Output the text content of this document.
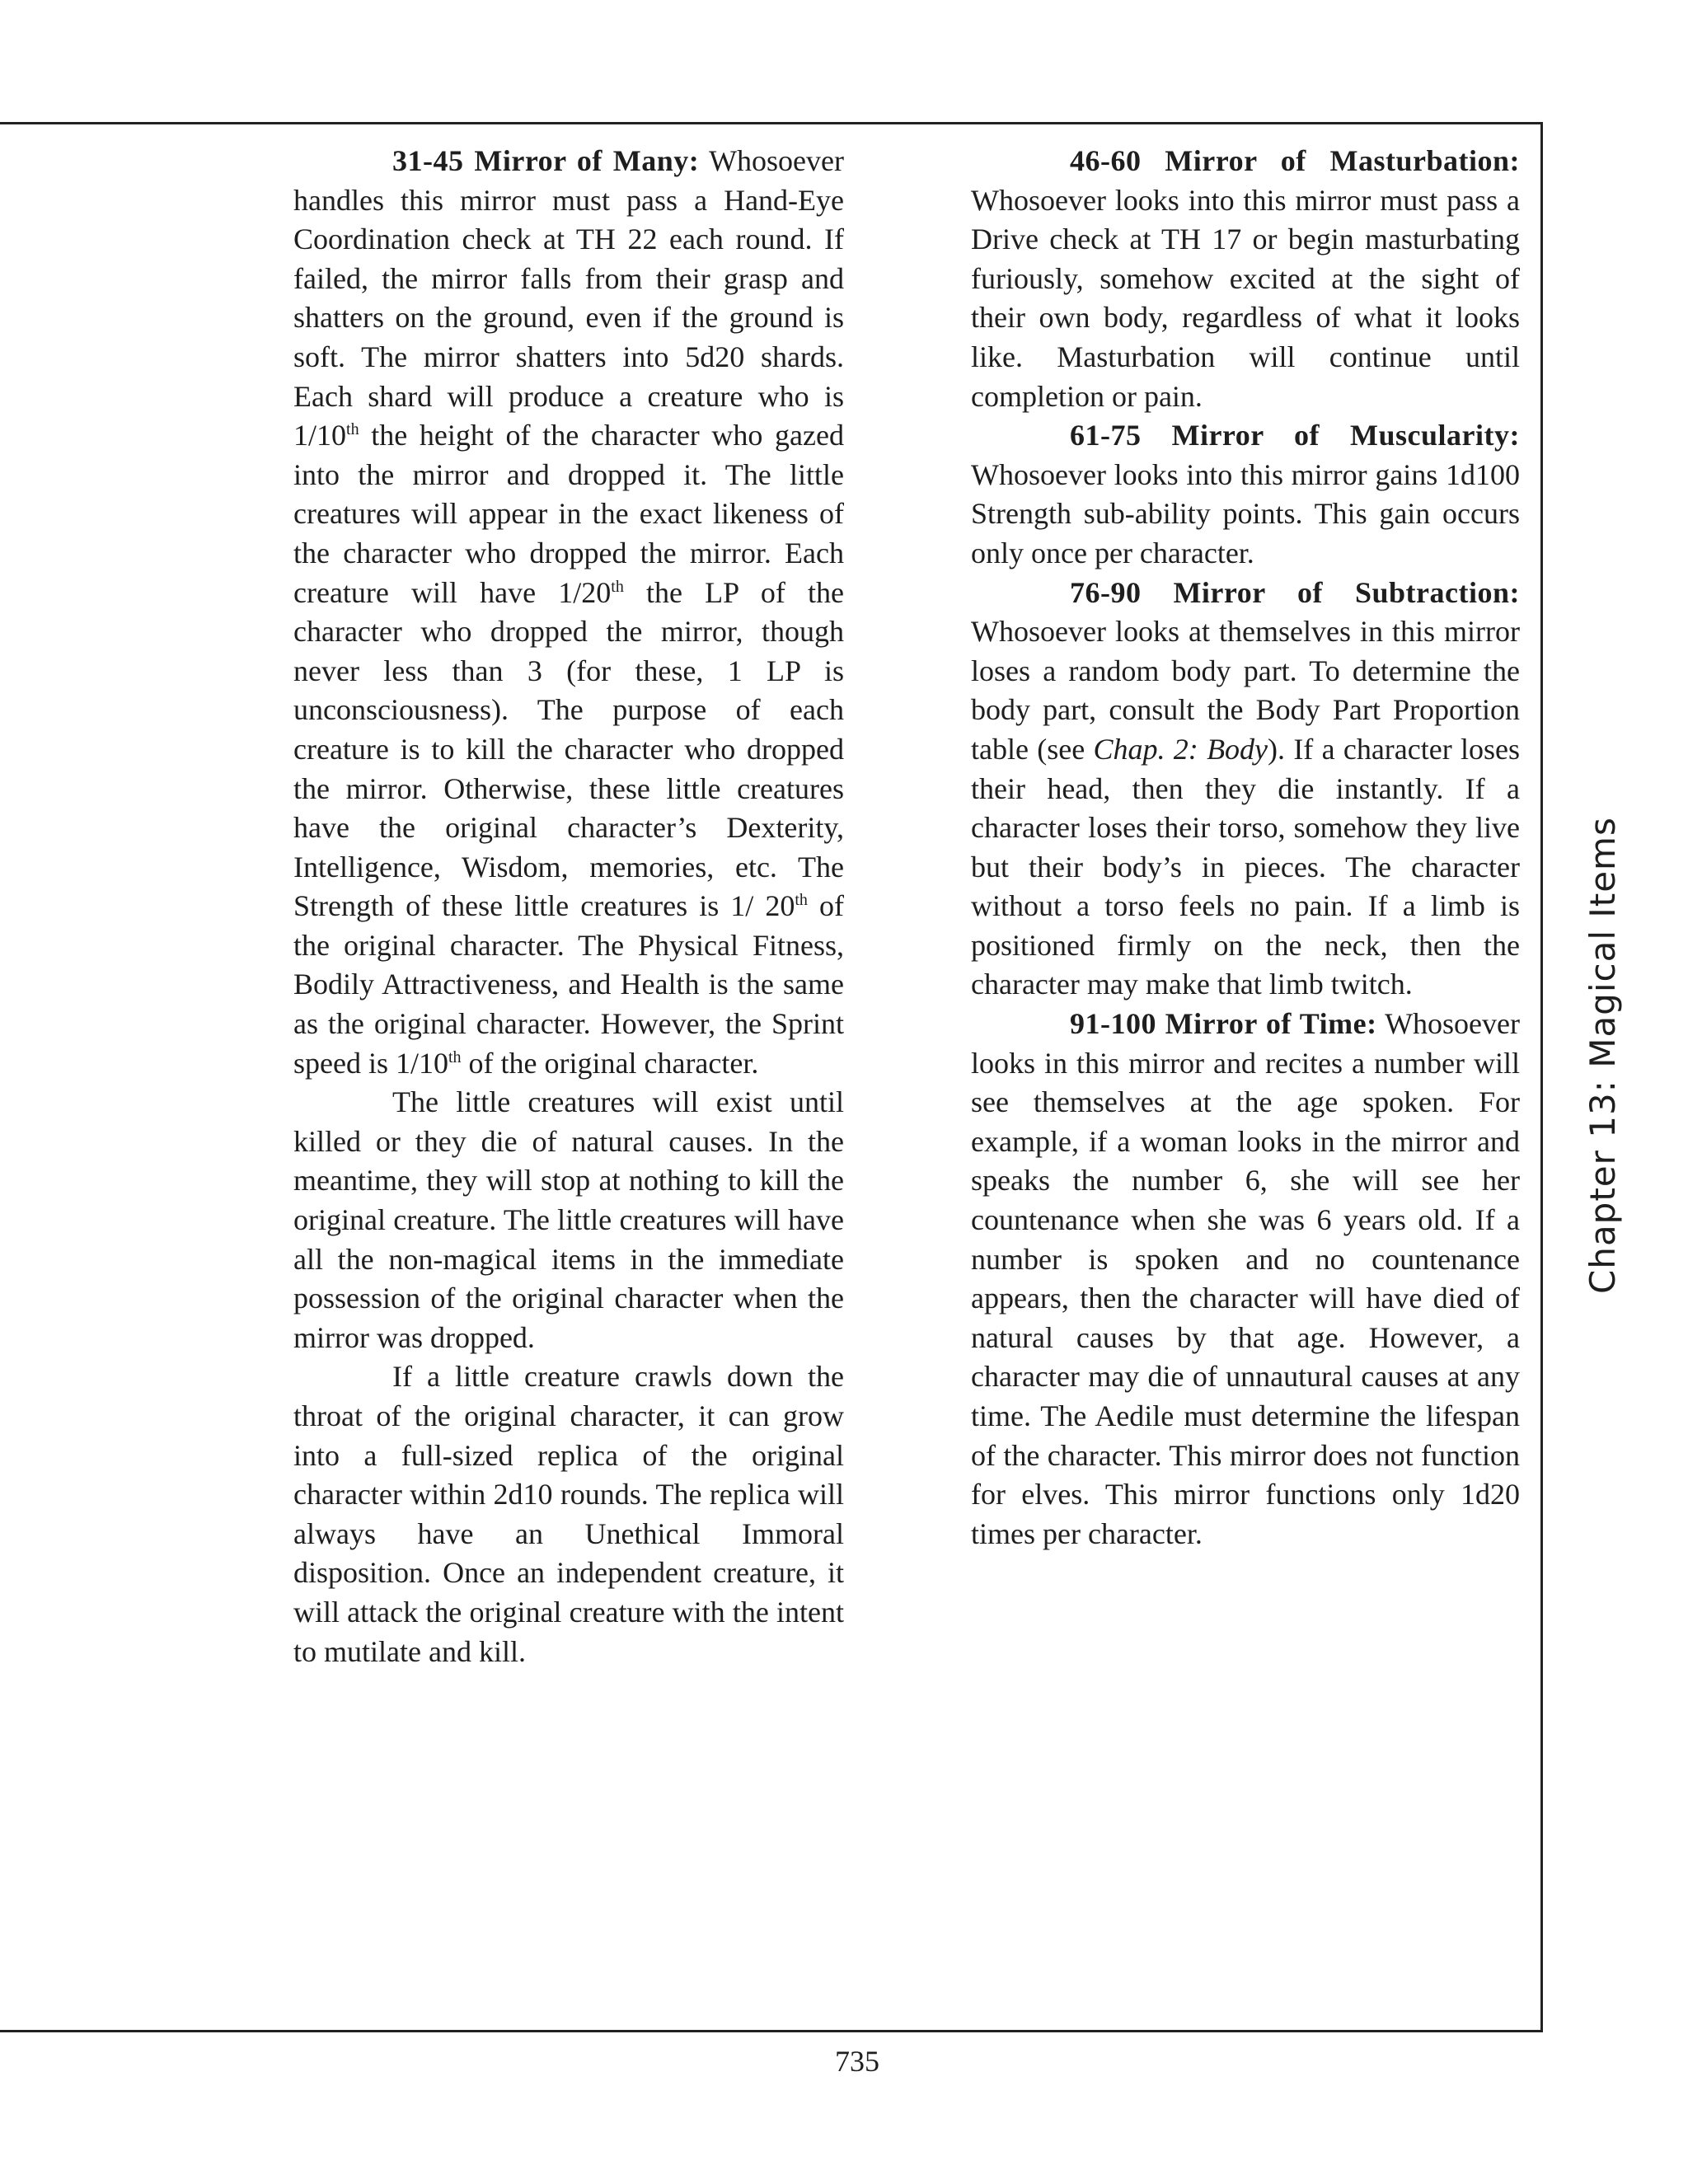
31-45 Mirror of Many: Whosoever handles this mirror must pass a Hand-Eye Coordination check at TH 22 each round. If failed, the mirror falls from their grasp and shatters on the ground, even if the ground is soft. The mirror shatters into 5d20 shards. Each shard will produce a creature who is 1/10th the height of the character who gazed into the mirror and dropped it. The little creatures will appear in the exact likeness of the character who dropped the mirror. Each creature will have 1/20th the LP of the character who dropped the mirror, though never less than 3 (for these, 1 LP is unconsciousness). The purpose of each creature is to kill the character who dropped the mirror. Otherwise, these little creatures have the original character’s Dexterity, Intelligence, Wisdom, memories, etc. The Strength of these little creatures is 1/ 20th of the original character. The Physical Fitness, Bodily Attractiveness, and Health is the same as the original character. However, the Sprint speed is 1/10th of the original character.

The little creatures will exist until killed or they die of natural causes. In the meantime, they will stop at nothing to kill the original creature. The little creatures will have all the non-magical items in the immediate possession of the original character when the mirror was dropped.

If a little creature crawls down the throat of the original character, it can grow into a full-sized replica of the original character within 2d10 rounds. The replica will always have an Unethical Immoral disposition. Once an independent creature, it will attack the original creature with the intent to mutilate and kill.

46-60 Mirror of Masturbation: Whosoever looks into this mirror must pass a Drive check at TH 17 or begin masturbating furiously, somehow excited at the sight of their own body, regardless of what it looks like. Masturbation will continue until completion or pain.

61-75 Mirror of Muscularity: Whosoever looks into this mirror gains 1d100 Strength sub-ability points. This gain occurs only once per character.

76-90 Mirror of Subtraction: Whosoever looks at themselves in this mirror loses a random body part. To determine the body part, consult the Body Part Proportion table (see Chap. 2: Body). If a character loses their head, then they die instantly. If a character loses their torso, somehow they live but their body’s in pieces. The character without a torso feels no pain. If a limb is positioned firmly on the neck, then the character may make that limb twitch.

91-100 Mirror of Time: Whosoever looks in this mirror and recites a number will see themselves at the age spoken. For example, if a woman looks in the mirror and speaks the number 6, she will see her countenance when she was 6 years old. If a number is spoken and no countenance appears, then the character will have died of natural causes by that age. However, a character may die of unnautural causes at any time. The Aedile must determine the lifespan of the character. This mirror does not function for elves. This mirror functions only 1d20 times per character.

Chapter 13: Magical Items
735
